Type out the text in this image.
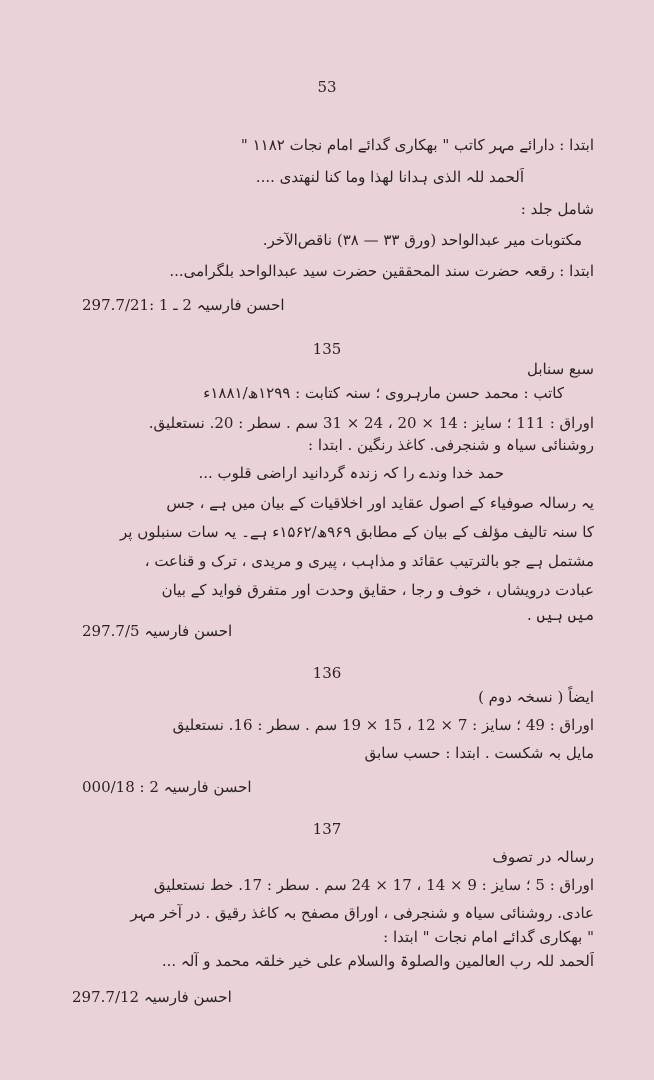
53
ابتدا : دارائے مہر کاتب " بھکاری گدائے امام نجات ۱۱۸۲ "
اَلحمد للہ الذی ہدانا لھذا وما کنا لنھتدی ....
شامل جلد :
مکتوبات میر عبدالواحد (ورق ۳۳ — ۳۸) ناقص‌الآخر.
ابتدا : رقعہ حضرت سند المحققین حضرت سید عبدالواحد بلگرامی...
احسن فارسیہ 2 ـ 1 :297.7/21
135
سبع سنابل
کاتب : محمد حسن مارہروی ؛ سنہ کتابت : ۱۲۹۹ھ/۱۸۸۱ء
اوراق : 111 ؛ سایز : 14 × 20 ، 24 × 31 سم . سطر : 20. نستعلیق.
روشنائی سیاہ و شنجرفی. کاغذ رنگین . ابتدا :
حمد خدا وندے را کہ زندہ گردانید اراضی قلوب ...
یہ رسالہ صوفیاء کے اصول عقاید اور اخلاقیات کے بیان میں ہے ، جس
کا سنہ تالیف مؤلف کے بیان کے مطابق ۹۶۹ھ/۱۵۶۲ء ہے۔ یہ سات سنبلوں پر
مشتمل ہے جو بالترتیب عقائد و مذاہب ، پیری و مریدی ، ترک و قناعت ،
عبادت درویشاں ، خوف و رجا ، حقایق وحدت اور متفرق فواید کے بیان
میں ہیں .
احسن فارسیہ 297.7/5
136
ایضاً ( نسخہ دوم )
اوراق : 49 ؛ سایز : 7 × 12 ، 15 × 19 سم . سطر : 16. نستعلیق
مایل بہ شکست . ابتدا : حسب سابق
احسن فارسیہ 2 : 000/18
137
رسالہ در تصوف
اوراق : 5 ؛ سایز : 9 × 14 ، 17 × 24 سم . سطر : 17. خط نستعلیق
عادی. روشنائی سیاہ و شنجرفی ، اوراق مصفح بہ کاغذ رقیق . در آخر مہر
" بھکاری گدائے امام نجات " ابتدا :
اَلحمد للہ رب العالمین والصلوۃ والسلام علی خیر خلقہ محمد و آلہ ...
احسن فارسیہ 297.7/12
